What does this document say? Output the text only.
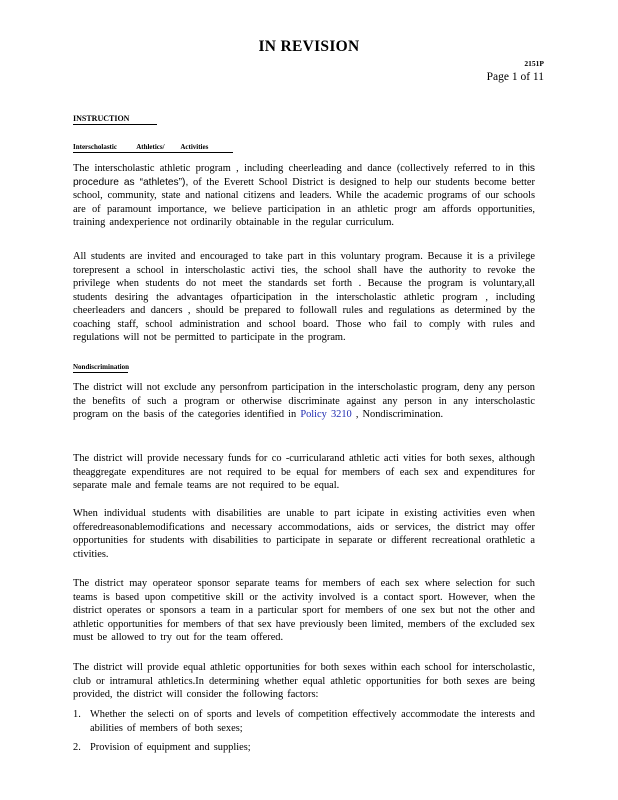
IN REVISION
2151P
Page 1 of 11
INSTRUCTION
Interscholastic	Athletics/ Activities
The interscholastic athletic program , including cheerleading and dance (collectively referred to in this procedure as “athletes”), of the Everett School District is designed to help our students become better school, community, state and national citizens and leaders. While the academic programs of our schools are of paramount importance, we believe participation in an athletic progr am affords opportunities, training andexperience not ordinarily obtainable in the regular curriculum.
All students are invited and encouraged to take part in this voluntary program. Because it is a privilege torepresent a school in interscholastic activi ties, the school shall have the authority to revoke the privilege when students do not meet the standards set forth . Because the program is voluntary,all students desiring the advantages ofparticipation in the interscholastic athletic program , including cheerleaders and dancers , should be prepared to followall rules and regulations as determined by the coaching staff, school administration and school board. Those who fail to comply with rules and regulations will not be permitted to participate in the program.
Nondiscrimination
The district will not exclude any personfrom participation in the interscholastic program, deny any person the benefits of such a program or otherwise discriminate against any person in any interscholastic program on the basis of the categories identified in Policy 3210 , Nondiscrimination.
The district will provide necessary funds for co -curricularand athletic acti vities for both sexes, although theaggregate expenditures are not required to be equal for members of each sex and expenditures for separate male and female teams are not required to be equal.
When individual students with disabilities are unable to part icipate in existing activities even when offeredreasonablemodifications and necessary accommodations, aids or services, the district may offer opportunities for students with disabilities to participate in separate or different recreational orathletic a ctivities.
The district may operateor sponsor separate teams for members of each sex where selection for such teams is based upon competitive skill or the activity involved is a contact sport. However, when the district operates or sponsors a team in a particular sport for members of one sex but not the other and athletic opportunities for members of that sex have previously been limited, members of the excluded sex must be allowed to try out for the team offered.
The district will provide equal athletic opportunities for both sexes within each school for interscholastic, club or intramural athletics.In determining whether equal athletic opportunities for both sexes are being provided, the district will consider the following factors:
1. Whether the selecti on of sports and levels of competition effectively accommodate the interests and abilities of members of both sexes;
2. Provision of equipment and supplies;
